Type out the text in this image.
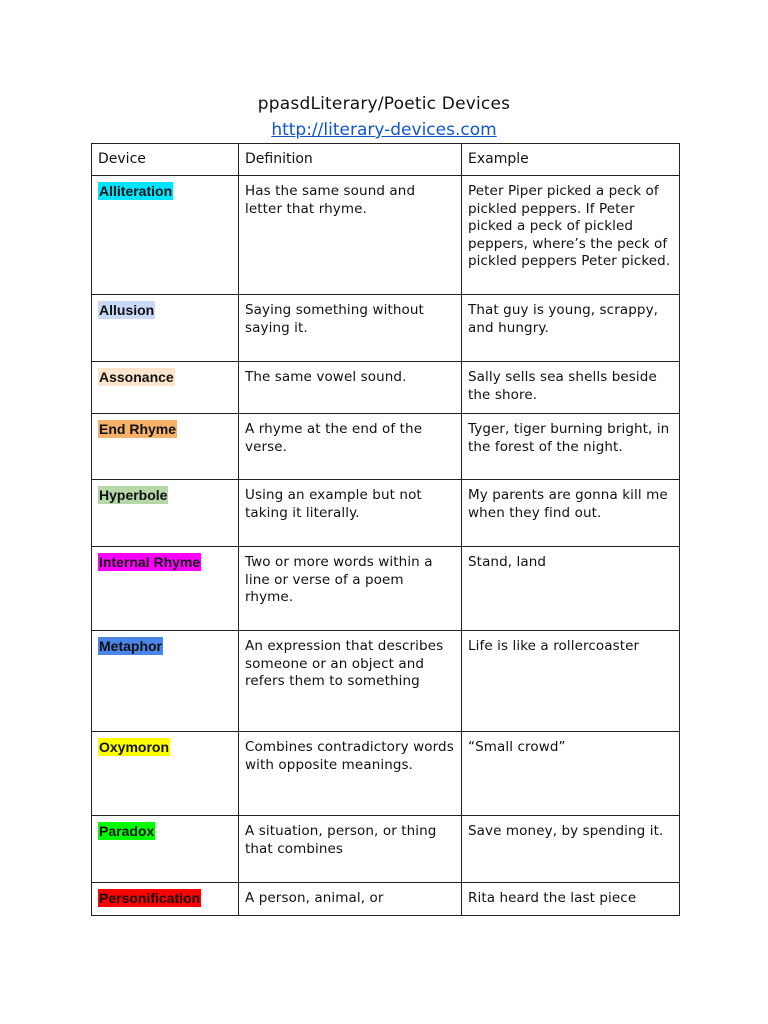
ppasdLiterary/Poetic Devices
http://literary-devices.com
Device	Definition	Example
Alliteration	Has the same sound and letter that rhyme.	Peter Piper picked a peck of pickled peppers. If Peter picked a peck of pickled peppers, where’s the peck of pickled peppers Peter picked.
Allusion	Saying something without saying it.	That guy is young, scrappy, and hungry.
Assonance	The same vowel sound.	Sally sells sea shells beside the shore.
End Rhyme	A rhyme at the end of the verse.	Tyger, tiger burning bright, in the forest of the night.
Hyperbole	Using an example but not taking it literally.	My parents are gonna kill me when they find out.
Internal Rhyme	Two or more words within a line or verse of a poem rhyme.	Stand, land
Metaphor	An expression that describes someone or an object and refers them to something	Life is like a rollercoaster
Oxymoron	Combines contradictory words with opposite meanings.	“Small crowd”
Paradox	A situation, person, or thing that combines	Save money, by spending it.
Personification	A person, animal, or	Rita heard the last piece
